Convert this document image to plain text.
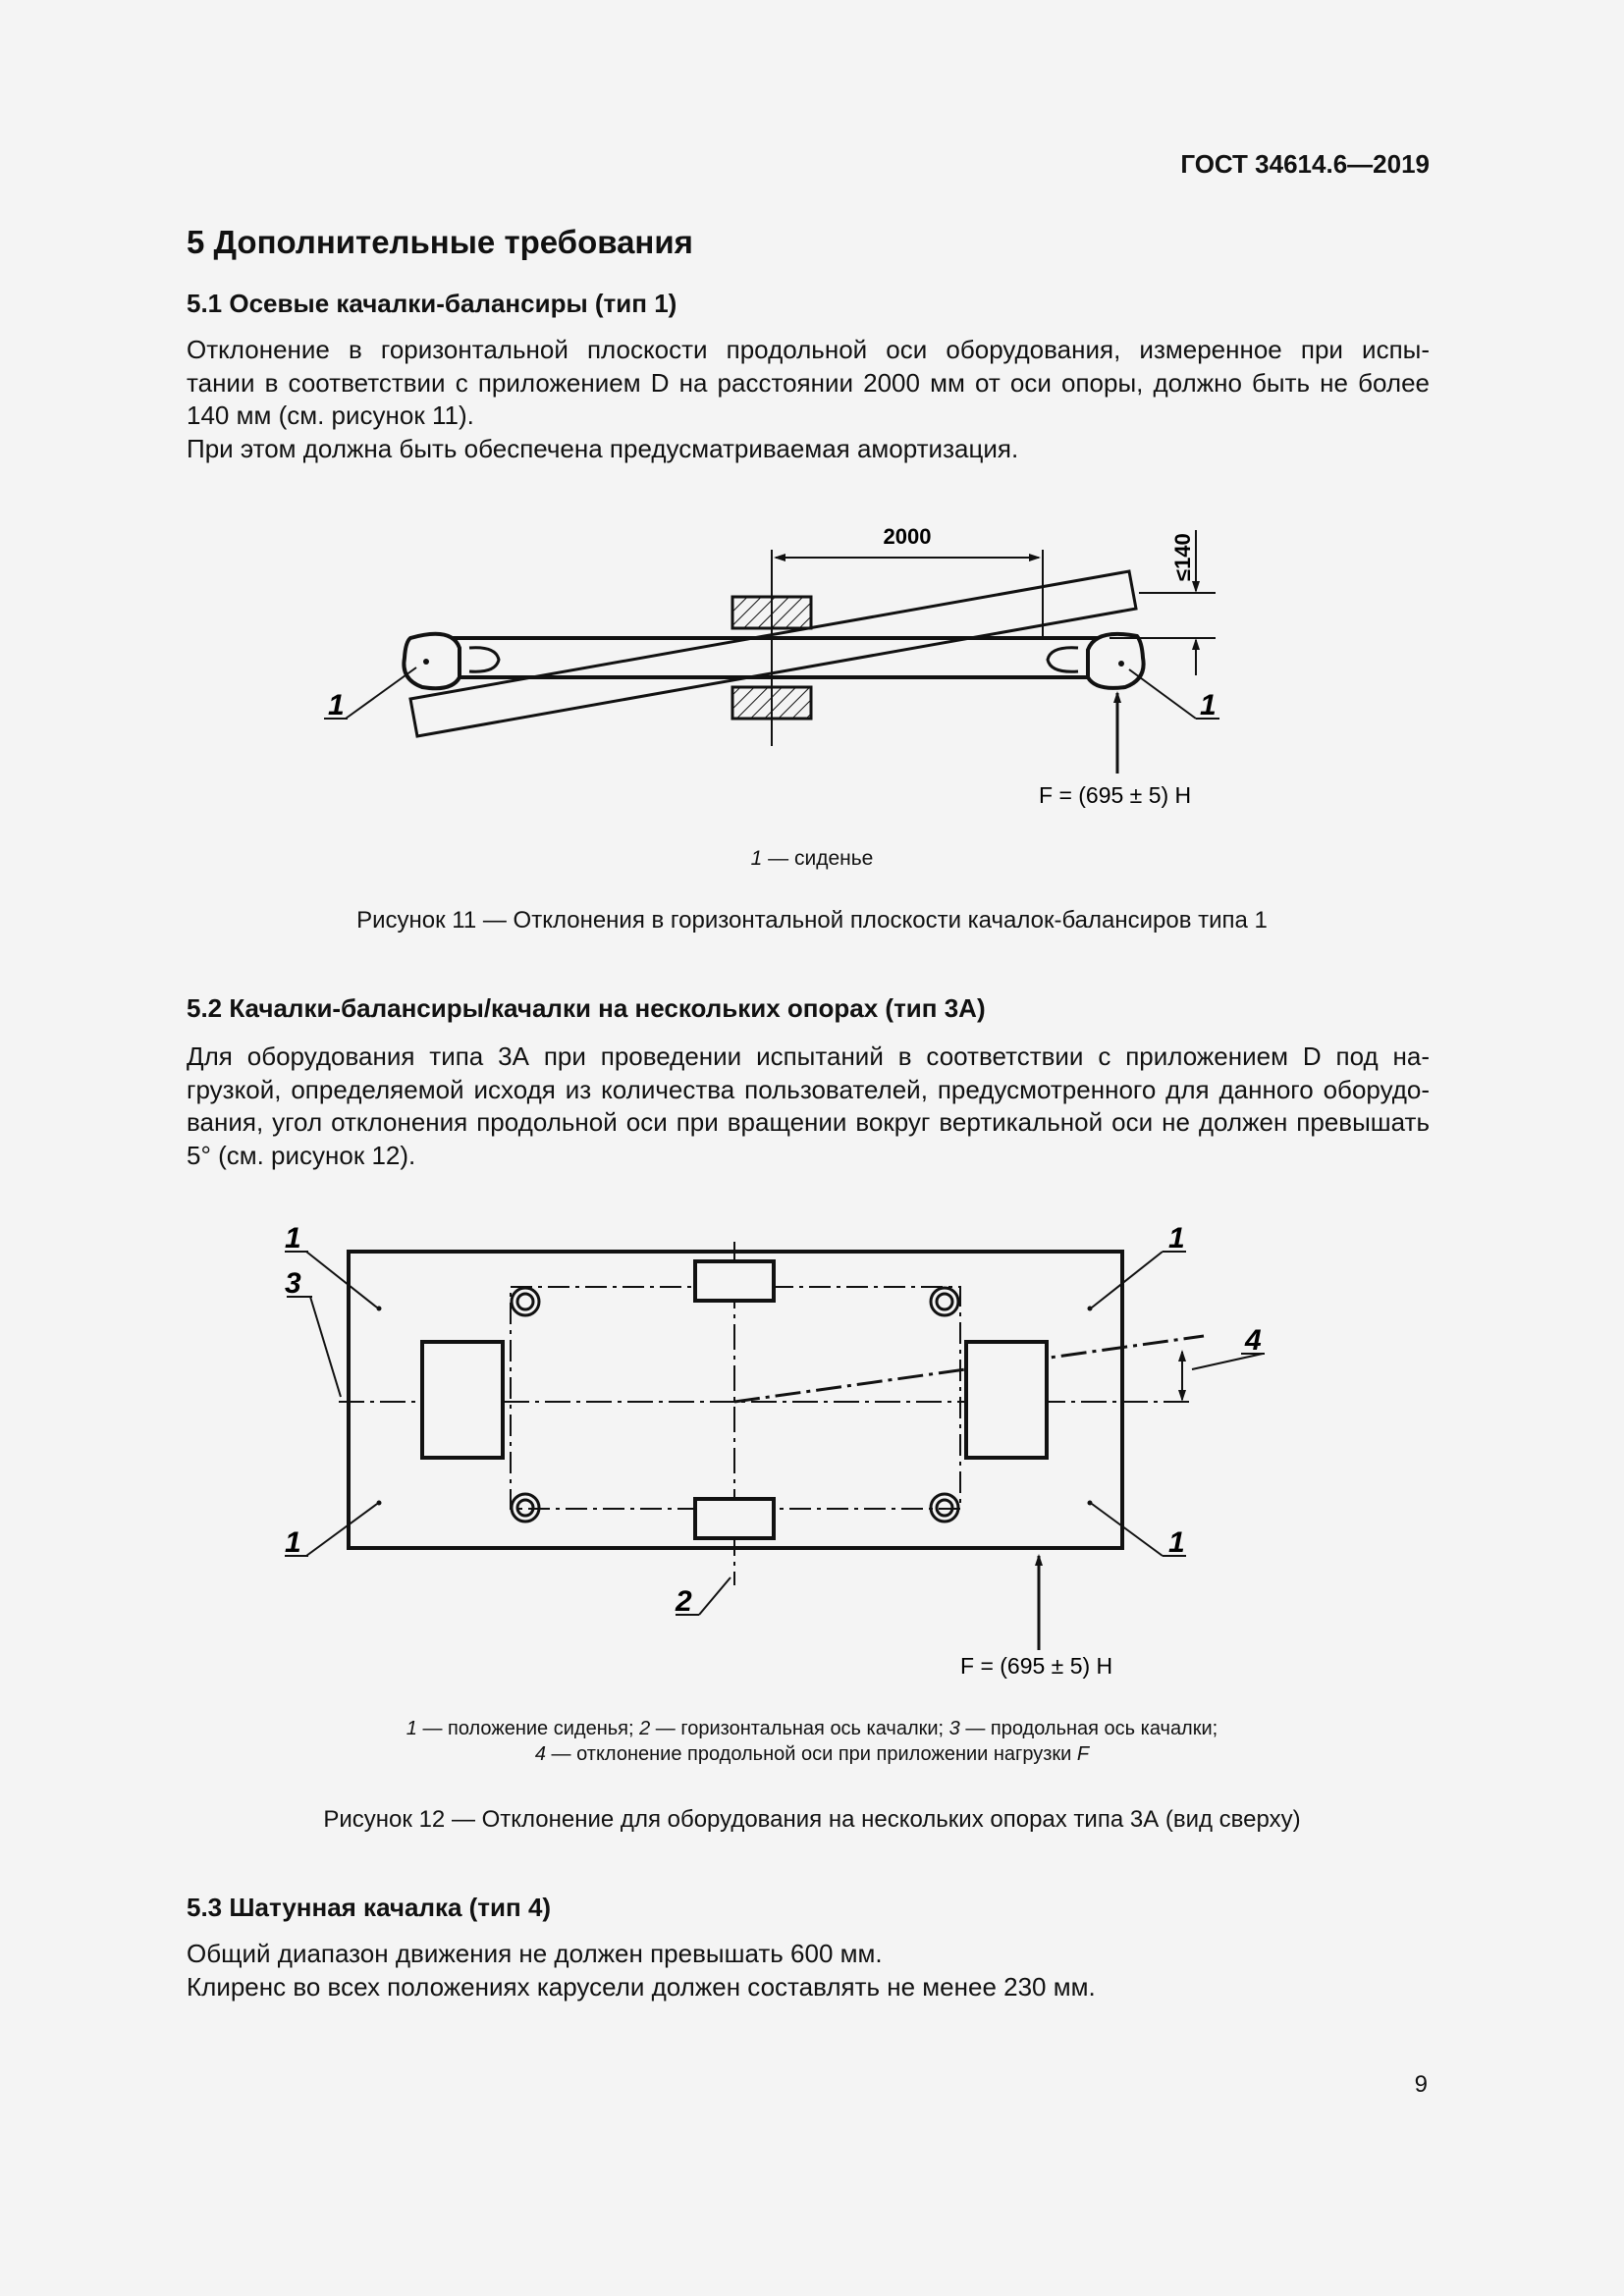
ГОСТ 34614.6—2019
5 Дополнительные требования
5.1 Осевые качалки-балансиры (тип 1)
Отклонение в горизонтальной плоскости продольной оси оборудования, измеренное при испы-
тании в соответствии с приложением D на расстоянии 2000 мм от оси опоры, должно быть не более
140 мм (см. рисунок 11).
При этом должна быть обеспечена предусматриваемая амортизация.
2000	≤140
1	1
F = (695 ± 5) Н
1 — сиденье
Рисунок 11 — Отклонения в горизонтальной плоскости качалок-балансиров типа 1
5.2 Качалки-балансиры/качалки на нескольких опорах (тип 3А)
Для оборудования типа 3А при проведении испытаний в соответствии с приложением D под на-
грузкой, определяемой исходя из количества пользователей, предусмотренного для данного оборудо-
вания, угол отклонения продольной оси при вращении вокруг вертикальной оси не должен превышать
5° (см. рисунок 12).
1	1
1	1
3
2
4
F = (695 ± 5) Н
1 — положение сиденья; 2 — горизонтальная ось качалки; 3 — продольная ось качалки;
4 — отклонение продольной оси при приложении нагрузки F
Рисунок 12 — Отклонение для оборудования на нескольких опорах типа 3А (вид сверху)
5.3 Шатунная качалка (тип 4)
Общий диапазон движения не должен превышать 600 мм.
Клиренс во всех положениях карусели должен составлять не менее 230 мм.
9
